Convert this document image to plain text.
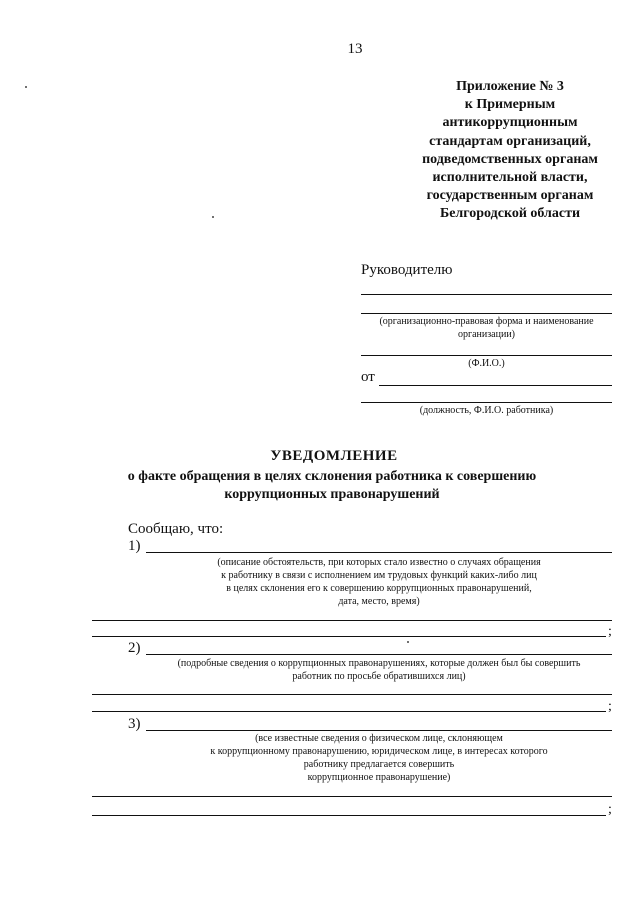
13
Приложение № 3
к Примерным
антикоррупционным
стандартам организаций,
подведомственных органам
исполнительной власти,
государственным органам
Белгородской области
Руководителю
(организационно-правовая форма и наименование
организации)
(Ф.И.О.)
от
(должность, Ф.И.О. работника)
УВЕДОМЛЕНИЕ
о факте обращения в целях склонения работника к совершению
коррупционных правонарушений
Сообщаю, что:
1)
(описание обстоятельств, при которых стало известно о случаях обращения
к работнику в связи с исполнением им трудовых функций каких-либо лиц
в целях склонения его к совершению коррупционных правонарушений,
дата, место, время)
;
2)
(подробные сведения о коррупционных правонарушениях, которые должен был бы совершить
работник по просьбе обратившихся лиц)
;
3)
(все известные сведения о физическом лице, склоняющем
к коррупционному правонарушению, юридическом лице, в интересах которого
работнику предлагается совершить
коррупционное правонарушение)
;
